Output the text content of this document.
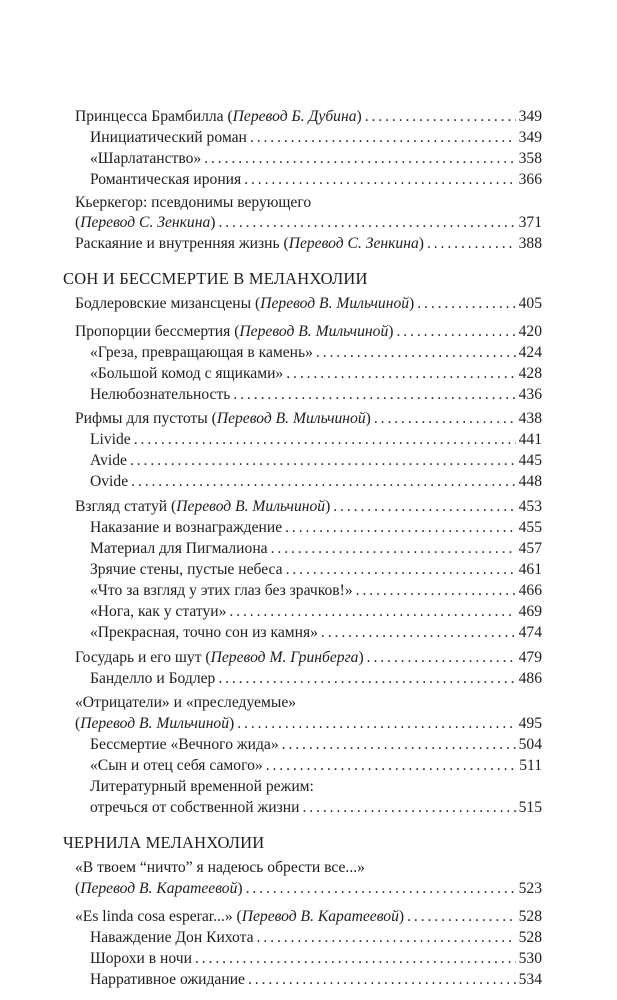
Принцесса Брамбилла (Перевод Б. Дубина) . . .	349
Инициатический роман . . .	349
«Шарлатанство» . . .	358
Романтическая ирония . . .	366
Кьеркегор: псевдонимы верующего
(Перевод С. Зенкина) . . .	371
Раскаяние и внутренняя жизнь (Перевод С. Зенкина) . . .	388
СОН И БЕССМЕРТИЕ В МЕЛАНХОЛИИ
Бодлеровские мизансцены (Перевод В. Мильчиной) . . .	405
Пропорции бессмертия (Перевод В. Мильчиной) . . .	420
«Греза, превращающая в камень» . . .	424
«Большой комод с ящиками» . . .	428
Нелюбознательность . . .	436
Рифмы для пустоты (Перевод В. Мильчиной) . . .	438
Livide . . .	441
Avide . . .	445
Ovide . . .	448
Взгляд статуй (Перевод В. Мильчиной) . . .	453
Наказание и вознаграждение . . .	455
Материал для Пигмалиона . . .	457
Зрячие стены, пустые небеса . . .	461
«Что за взгляд у этих глаз без зрачков!» . . .	466
«Нога, как у статуи» . . .	469
«Прекрасная, точно сон из камня» . . .	474
Государь и его шут (Перевод М. Гринберга) . . .	479
Банделло и Бодлер . . .	486
«Отрицатели» и «преследуемые»
(Перевод В. Мильчиной) . . .	495
Бессмертие «Вечного жида» . . .	504
«Сын и отец себя самого» . . .	511
Литературный временной режим:
отречься от собственной жизни . . .	515
ЧЕРНИЛА МЕЛАНХОЛИИ
«В твоем “ничто” я надеюсь обрести все...»
(Перевод В. Каратеевой) . . .	523
«Es linda cosa esperar...» (Перевод В. Каратеевой) . . .	528
Наваждение Дон Кихота . . .	528
Шорохи в ночи . . .	530
Нарративное ожидание . . .	534
